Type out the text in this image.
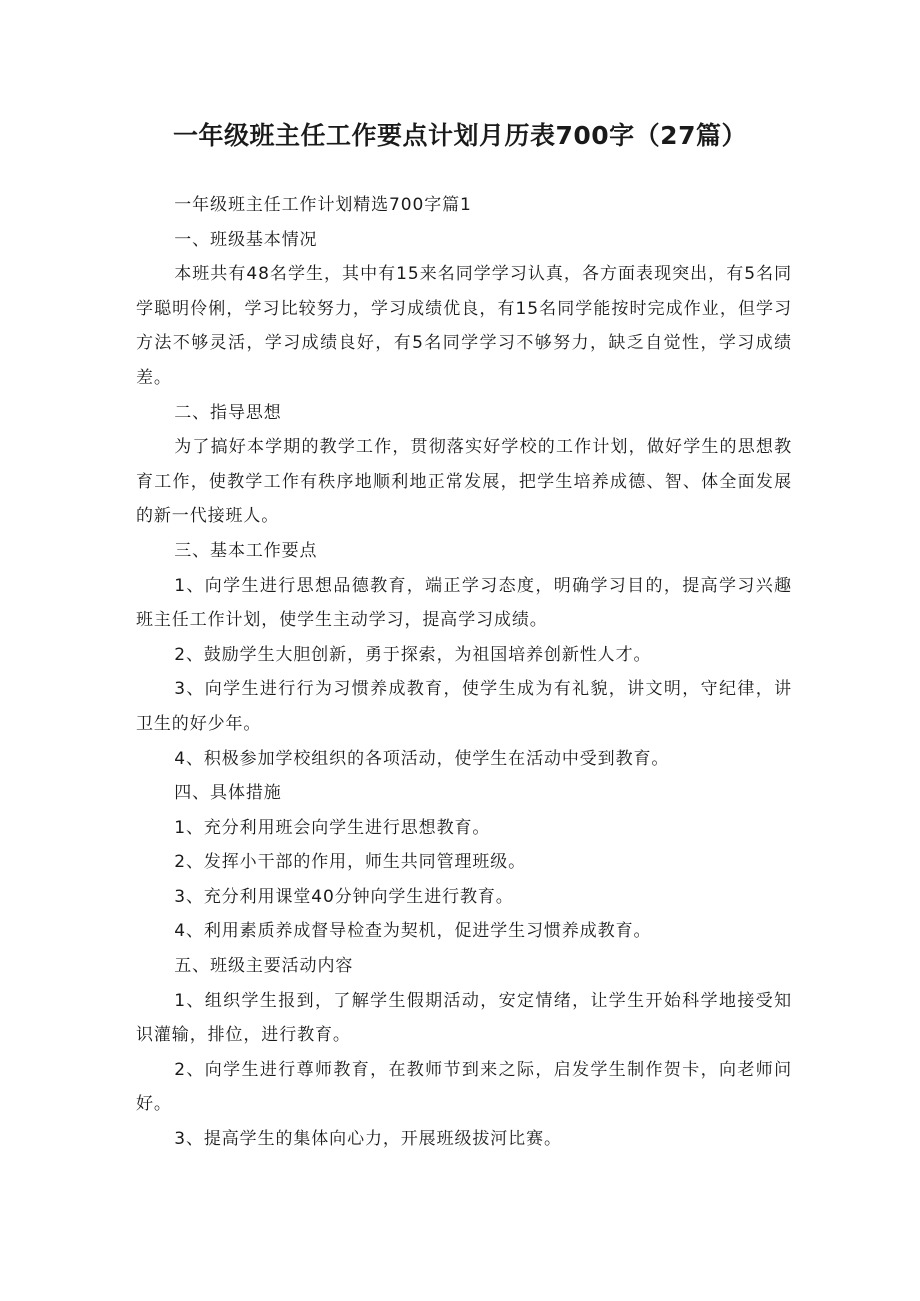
一年级班主任工作要点计划月历表700字（27篇）

一年级班主任工作计划精选700字篇1

一、班级基本情况

本班共有48名学生，其中有15来名同学学习认真，各方面表现突出，有5名同学聪明伶俐，学习比较努力，学习成绩优良，有15名同学能按时完成作业，但学习方法不够灵活，学习成绩良好，有5名同学学习不够努力，缺乏自觉性，学习成绩差。

二、指导思想

为了搞好本学期的教学工作，贯彻落实好学校的工作计划，做好学生的思想教育工作，使教学工作有秩序地顺利地正常发展，把学生培养成德、智、体全面发展的新一代接班人。

三、基本工作要点

1、向学生进行思想品德教育，端正学习态度，明确学习目的，提高学习兴趣班主任工作计划，使学生主动学习，提高学习成绩。

2、鼓励学生大胆创新，勇于探索，为祖国培养创新性人才。

3、向学生进行行为习惯养成教育，使学生成为有礼貌，讲文明，守纪律，讲卫生的好少年。

4、积极参加学校组织的各项活动，使学生在活动中受到教育。

四、具体措施

1、充分利用班会向学生进行思想教育。

2、发挥小干部的作用，师生共同管理班级。

3、充分利用课堂40分钟向学生进行教育。

4、利用素质养成督导检查为契机，促进学生习惯养成教育。

五、班级主要活动内容

1、组织学生报到，了解学生假期活动，安定情绪，让学生开始科学地接受知识灌输，排位，进行教育。

2、向学生进行尊师教育，在教师节到来之际，启发学生制作贺卡，向老师问好。

3、提高学生的集体向心力，开展班级拔河比赛。
